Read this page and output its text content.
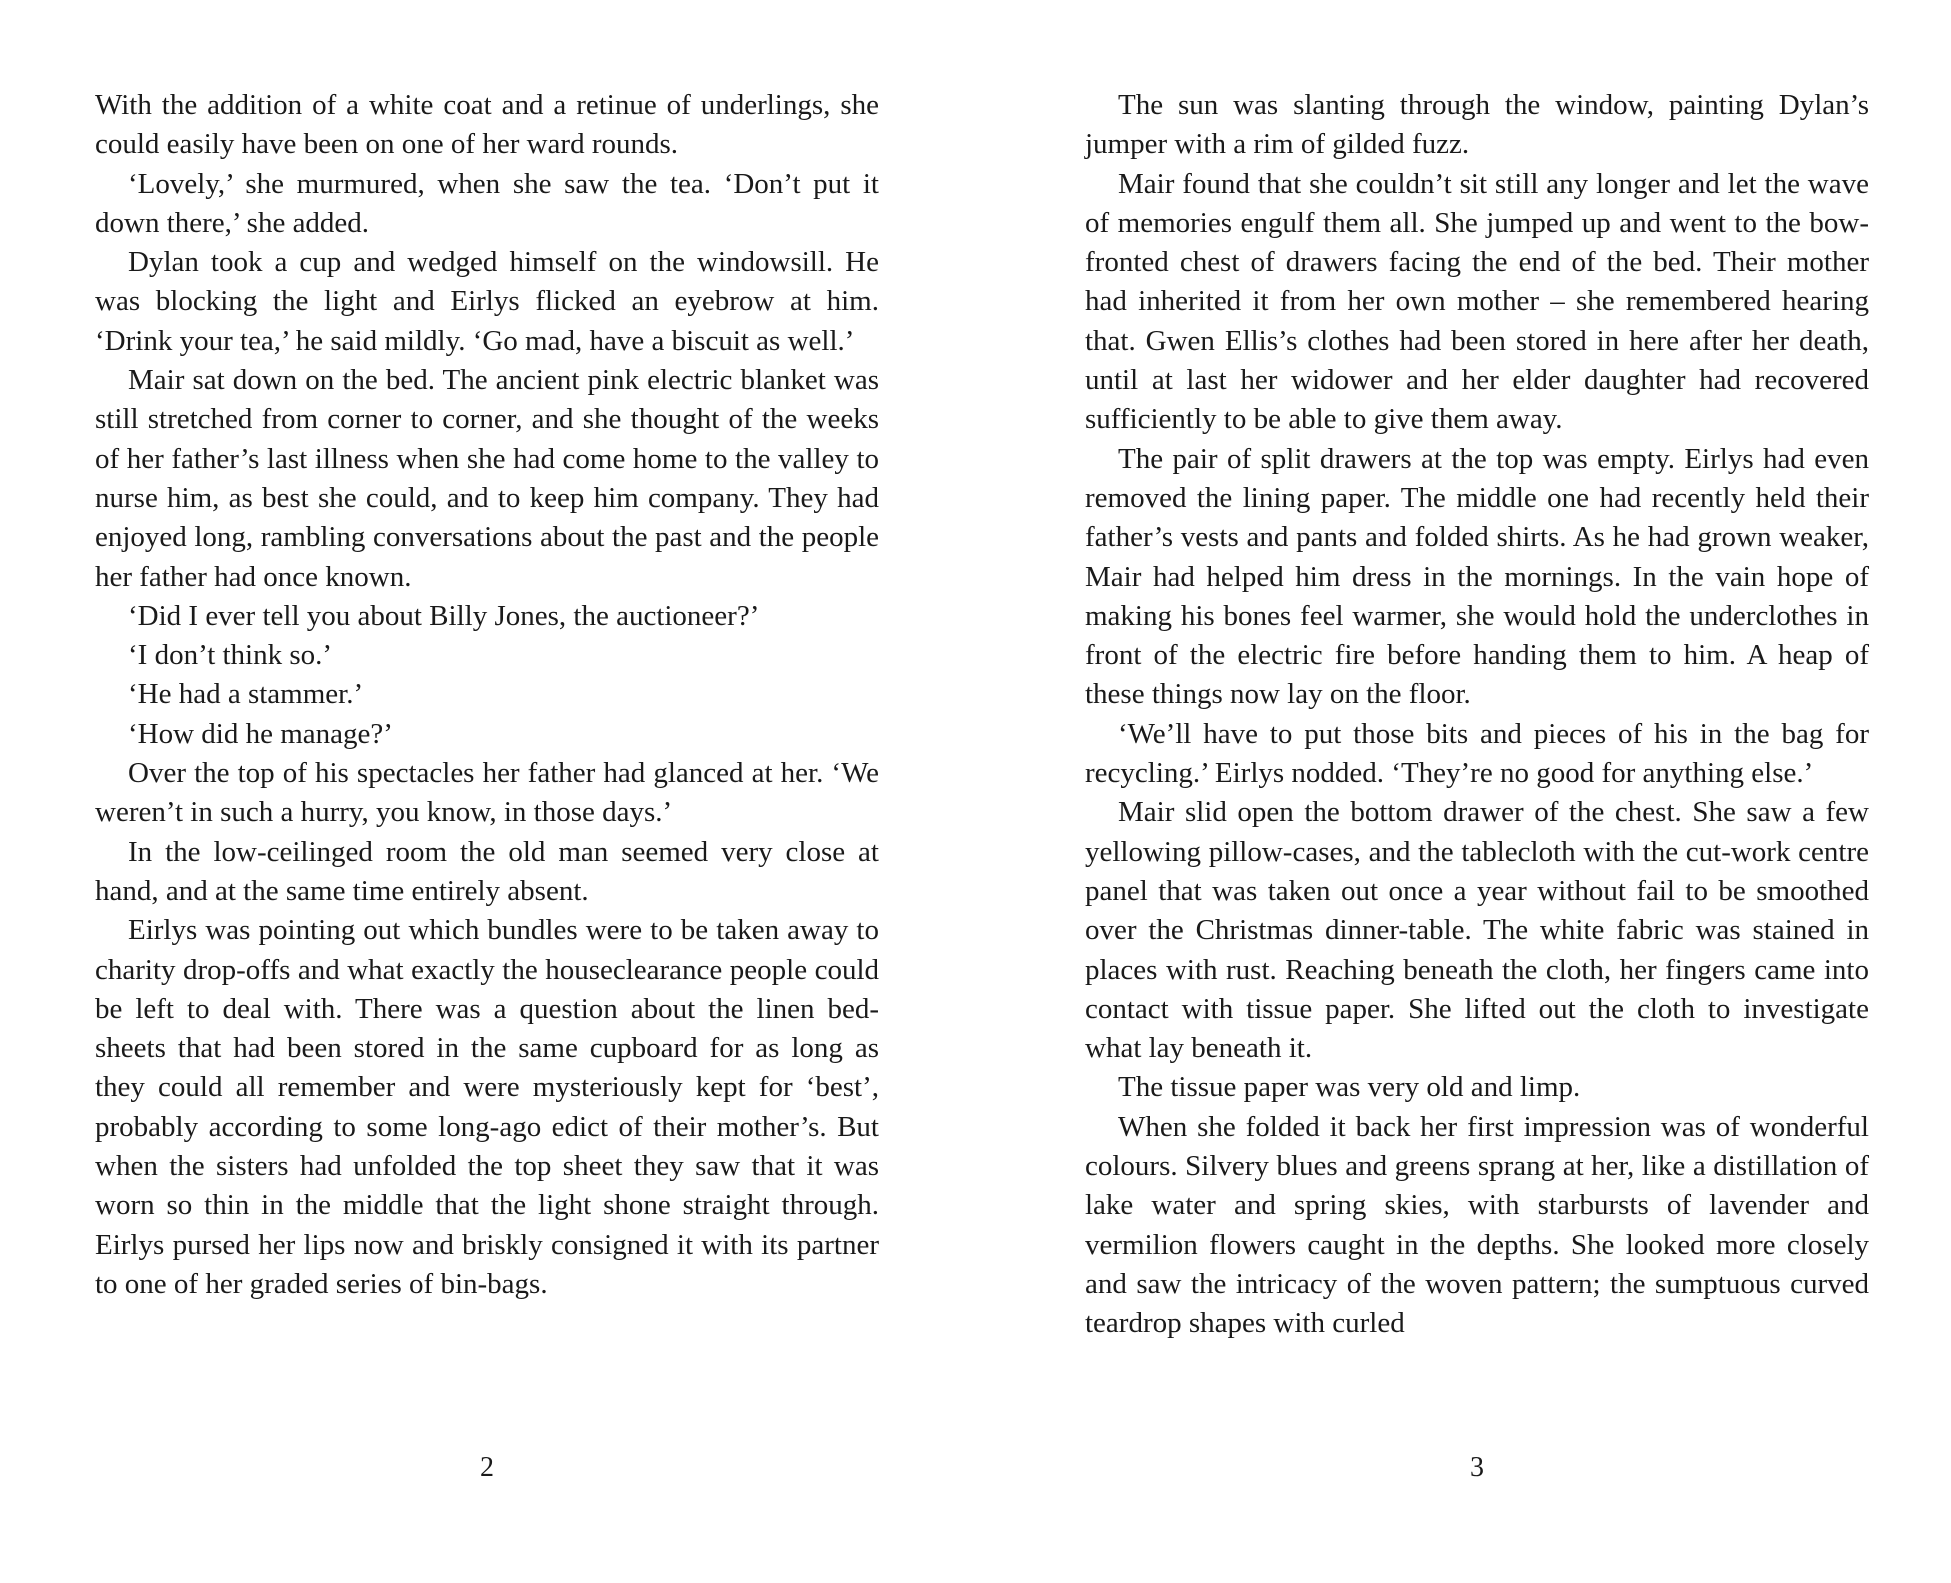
With the addition of a white coat and a retinue of underlings, she could easily have been on one of her ward rounds.

‘Lovely,’ she murmured, when she saw the tea. ‘Don’t put it down there,’ she added.

Dylan took a cup and wedged himself on the windowsill. He was blocking the light and Eirlys flicked an eyebrow at him. ‘Drink your tea,’ he said mildly. ‘Go mad, have a biscuit as well.’

Mair sat down on the bed. The ancient pink electric blanket was still stretched from corner to corner, and she thought of the weeks of her father’s last illness when she had come home to the valley to nurse him, as best she could, and to keep him company. They had enjoyed long, rambling conversations about the past and the people her father had once known.

‘Did I ever tell you about Billy Jones, the auctioneer?’

‘I don’t think so.’

‘He had a stammer.’

‘How did he manage?’

Over the top of his spectacles her father had glanced at her. ‘We weren’t in such a hurry, you know, in those days.’

In the low-ceilinged room the old man seemed very close at hand, and at the same time entirely absent.

Eirlys was pointing out which bundles were to be taken away to charity drop-offs and what exactly the houseclearance people could be left to deal with. There was a question about the linen bed-sheets that had been stored in the same cupboard for as long as they could all remember and were mysteriously kept for ‘best’, probably according to some long-ago edict of their mother’s. But when the sisters had unfolded the top sheet they saw that it was worn so thin in the middle that the light shone straight through. Eirlys pursed her lips now and briskly consigned it with its partner to one of her graded series of bin-bags.

2

The sun was slanting through the window, painting Dylan’s jumper with a rim of gilded fuzz.

Mair found that she couldn’t sit still any longer and let the wave of memories engulf them all. She jumped up and went to the bow-fronted chest of drawers facing the end of the bed. Their mother had inherited it from her own mother – she remembered hearing that. Gwen Ellis’s clothes had been stored in here after her death, until at last her widower and her elder daughter had recovered sufficiently to be able to give them away.

The pair of split drawers at the top was empty. Eirlys had even removed the lining paper. The middle one had recently held their father’s vests and pants and folded shirts. As he had grown weaker, Mair had helped him dress in the mornings. In the vain hope of making his bones feel warmer, she would hold the underclothes in front of the electric fire before handing them to him. A heap of these things now lay on the floor.

‘We’ll have to put those bits and pieces of his in the bag for recycling.’ Eirlys nodded. ‘They’re no good for anything else.’

Mair slid open the bottom drawer of the chest. She saw a few yellowing pillow-cases, and the tablecloth with the cut-work centre panel that was taken out once a year without fail to be smoothed over the Christmas dinner-table. The white fabric was stained in places with rust. Reaching beneath the cloth, her fingers came into contact with tissue paper. She lifted out the cloth to investigate what lay beneath it.

The tissue paper was very old and limp.

When she folded it back her first impression was of wonderful colours. Silvery blues and greens sprang at her, like a distillation of lake water and spring skies, with starbursts of lavender and vermilion flowers caught in the depths. She looked more closely and saw the intricacy of the woven pattern; the sumptuous curved teardrop shapes with curled

3
